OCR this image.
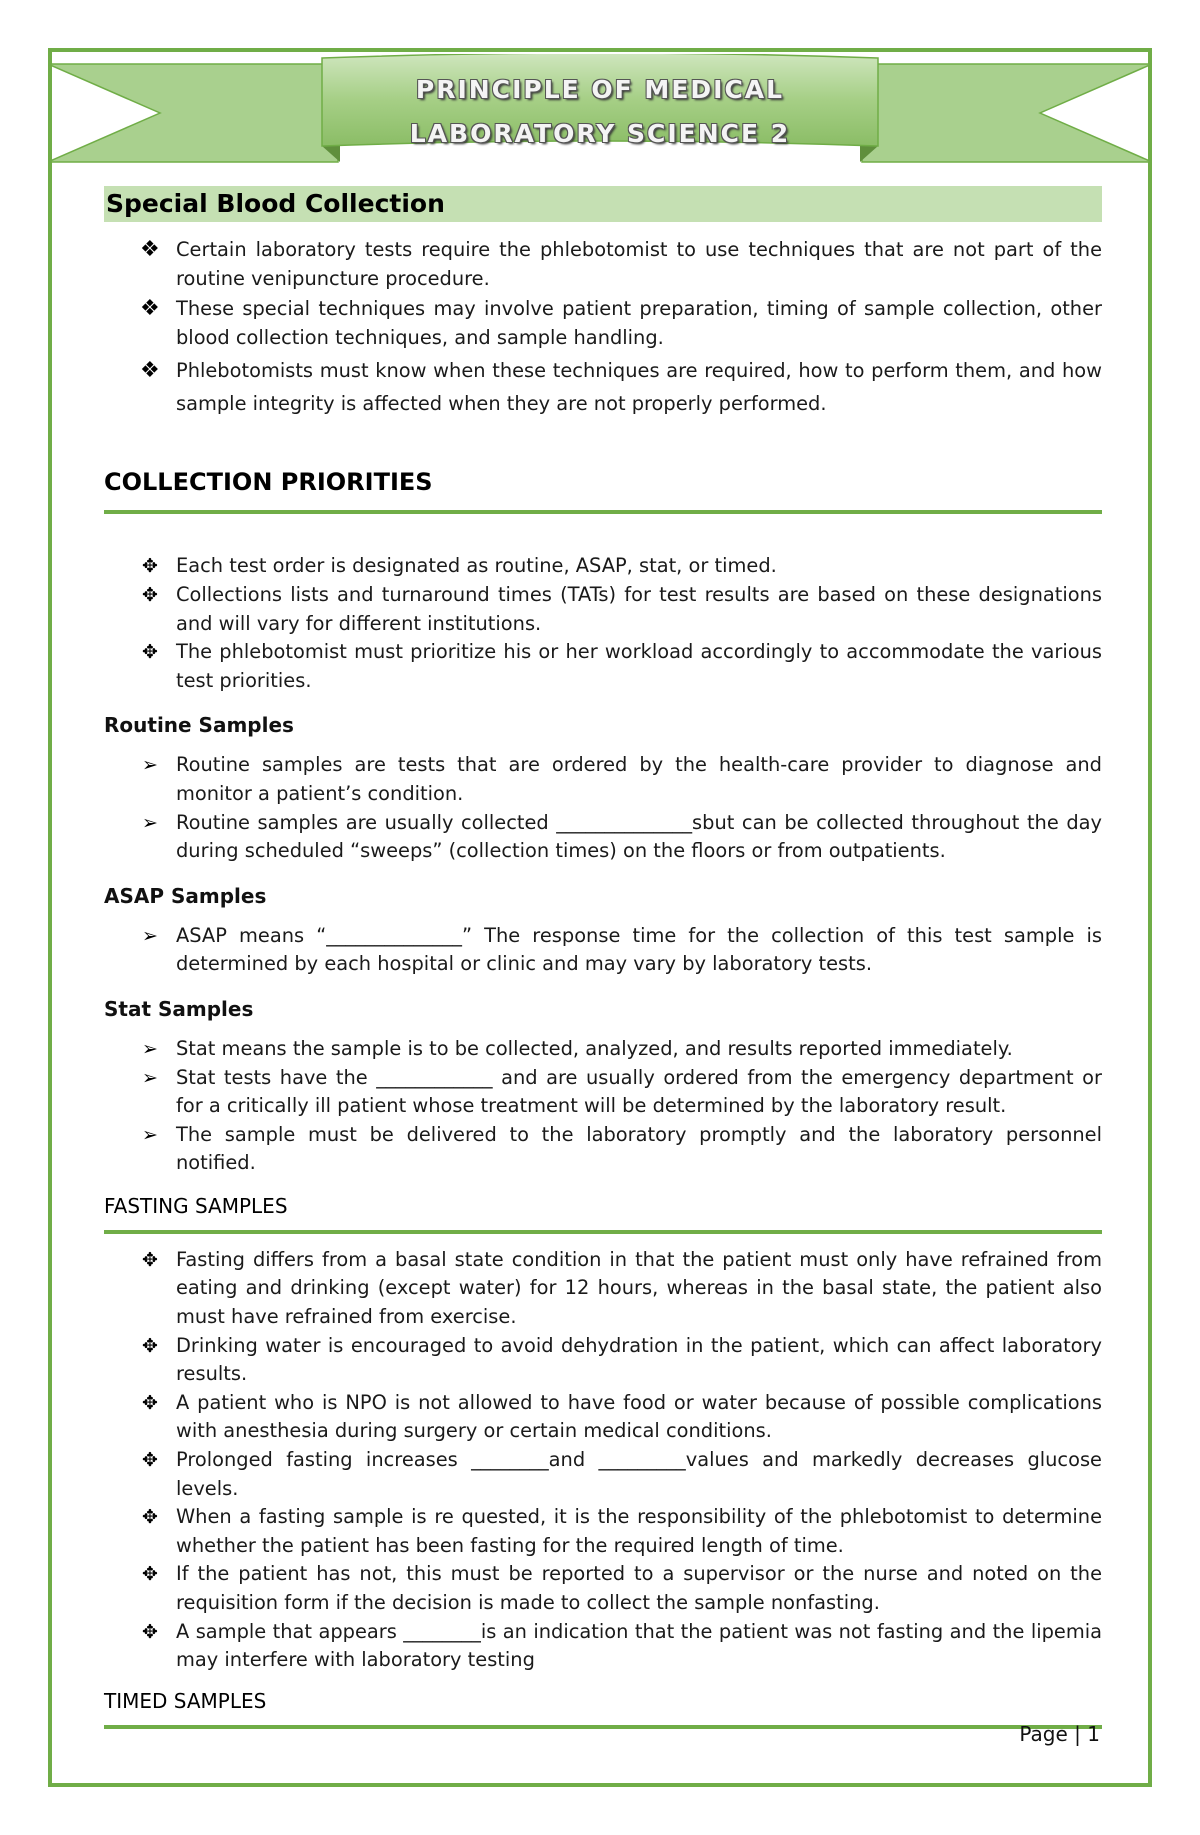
PRINCIPLE OF MEDICAL
LABORATORY SCIENCE 2
Special Blood Collection
❖ Certain laboratory tests require the phlebotomist to use techniques that are not part of the routine venipuncture procedure.
❖ These special techniques may involve patient preparation, timing of sample collection, other blood collection techniques, and sample handling.
❖ Phlebotomists must know when these techniques are required, how to perform them, and how sample integrity is affected when they are not properly performed.
COLLECTION PRIORITIES
✥ Each test order is designated as routine, ASAP, stat, or timed.
✥ Collections lists and turnaround times (TATs) for test results are based on these designations and will vary for different institutions.
✥ The phlebotomist must prioritize his or her workload accordingly to accommodate the various test priorities.
Routine Samples
➢ Routine samples are tests that are ordered by the health-care provider to diagnose and monitor a patient’s condition.
➢ Routine samples are usually collected ______________sbut can be collected throughout the day during scheduled “sweeps” (collection times) on the floors or from outpatients.
ASAP Samples
➢ ASAP means “______________” The response time for the collection of this test sample is determined by each hospital or clinic and may vary by laboratory tests.
Stat Samples
➢ Stat means the sample is to be collected, analyzed, and results reported immediately.
➢ Stat tests have the ____________ and are usually ordered from the emergency department or for a critically ill patient whose treatment will be determined by the laboratory result.
➢ The sample must be delivered to the laboratory promptly and the laboratory personnel notified.
FASTING SAMPLES
✥ Fasting differs from a basal state condition in that the patient must only have refrained from eating and drinking (except water) for 12 hours, whereas in the basal state, the patient also must have refrained from exercise.
✥ Drinking water is encouraged to avoid dehydration in the patient, which can affect laboratory results.
✥ A patient who is NPO is not allowed to have food or water because of possible complications with anesthesia during surgery or certain medical conditions.
✥ Prolonged fasting increases ________and _________values and markedly decreases glucose levels.
✥ When a fasting sample is re quested, it is the responsibility of the phlebotomist to determine whether the patient has been fasting for the required length of time.
✥ If the patient has not, this must be reported to a supervisor or the nurse and noted on the requisition form if the decision is made to collect the sample nonfasting.
✥ A sample that appears ________is an indication that the patient was not fasting and the lipemia may interfere with laboratory testing
TIMED SAMPLES
Page | 1
